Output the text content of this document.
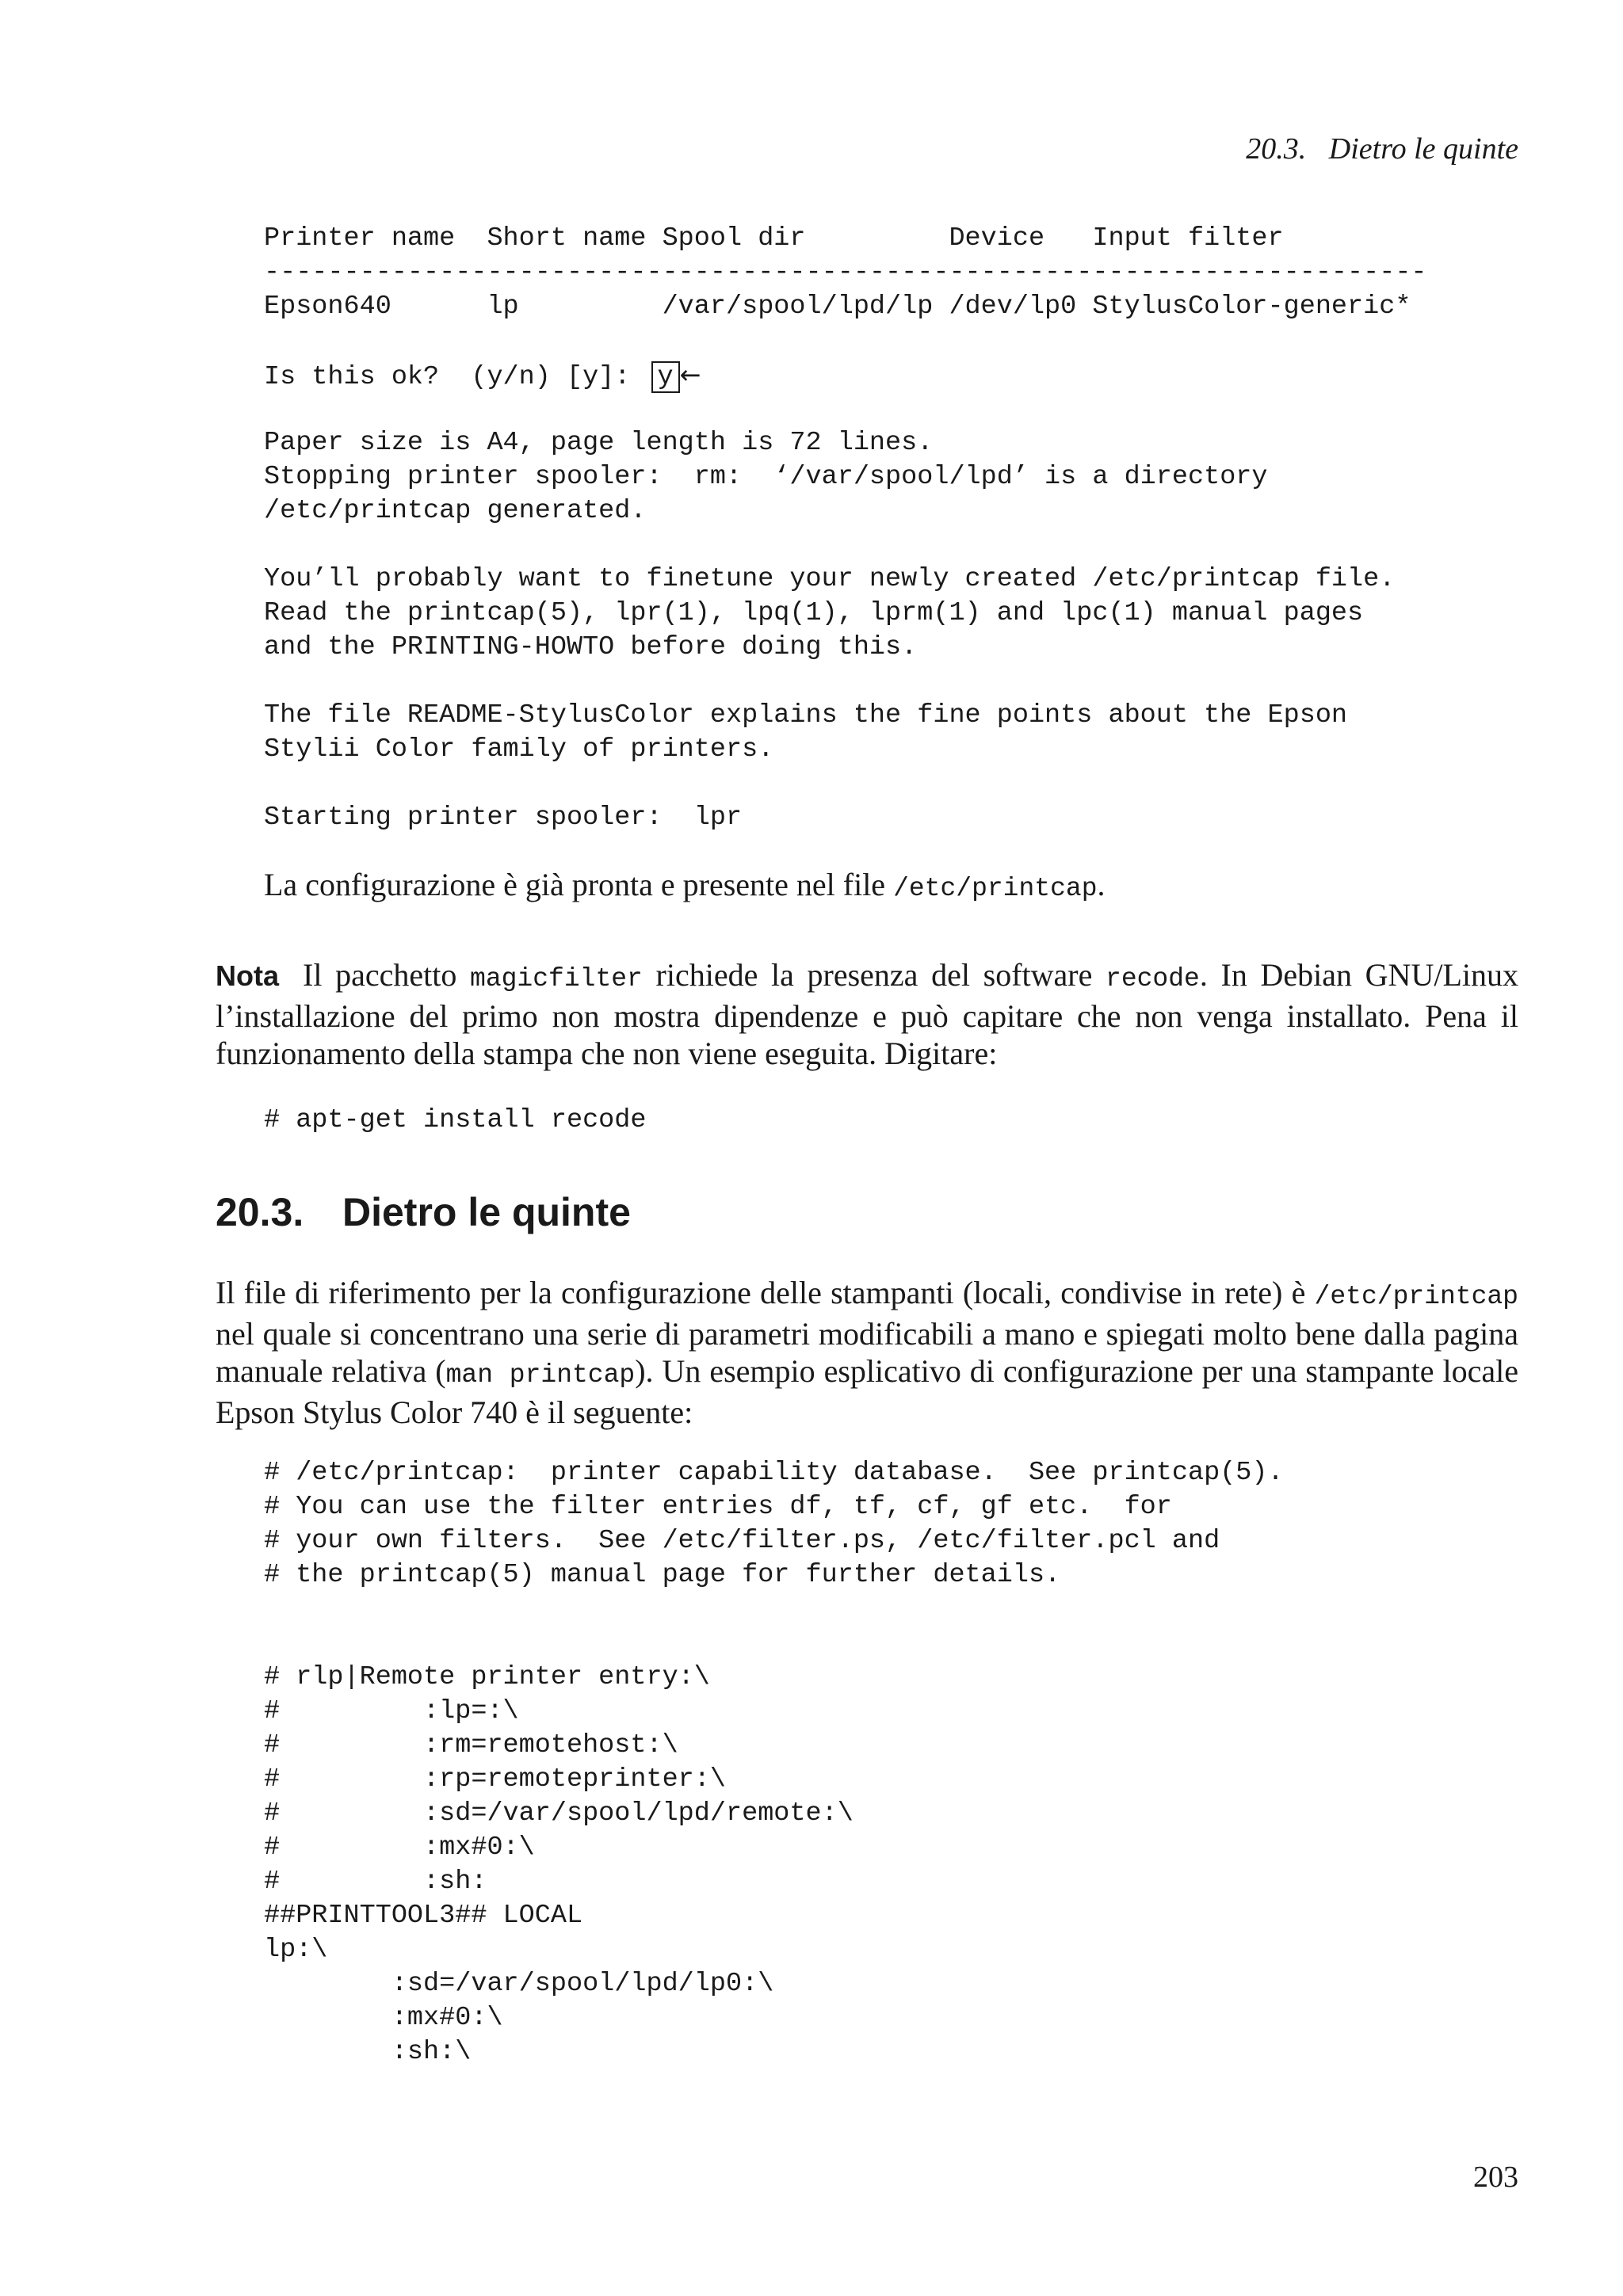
20.3.   Dietro le quinte
Printer name  Short name Spool dir         Device   Input filter
-------------------------------------------------------------------------
Epson640      lp         /var/spool/lpd/lp /dev/lp0 StylusColor-generic*
Is this ok?  (y/n) [y]: y ←
Paper size is A4, page length is 72 lines.
Stopping printer spooler:  rm:  ‘/var/spool/lpd’ is a directory
/etc/printcap generated.
You’ll probably want to finetune your newly created /etc/printcap file.
Read the printcap(5), lpr(1), lpq(1), lprm(1) and lpc(1) manual pages
and the PRINTING-HOWTO before doing this.
The file README-StylusColor explains the fine points about the Epson
Stylii Color family of printers.
Starting printer spooler:  lpr

La configurazione è già pronta e presente nel file /etc/printcap.

Nota Il pacchetto magicfilter richiede la presenza del software recode. In Debian GNU/Linux l’installazione del primo non mostra dipendenze e può capitare che non venga installato. Pena il funzionamento della stampa che non viene eseguita. Digitare:

# apt-get install recode
20.3. Dietro le quinte

Il file di riferimento per la configurazione delle stampanti (locali, condivise in rete) è /etc/printcap nel quale si concentrano una serie di parametri modificabili a mano e spiegati molto bene dalla pagina manuale relativa (man printcap). Un esempio esplicativo di configurazione per una stampante locale Epson Stylus Color 740 è il seguente:

# /etc/printcap:  printer capability database.  See printcap(5).
# You can use the filter entries df, tf, cf, gf etc.  for
# your own filters.  See /etc/filter.ps, /etc/filter.pcl and
# the printcap(5) manual page for further details.
# rlp|Remote printer entry:\
#         :lp=:\
#         :rm=remotehost:\
#         :rp=remoteprinter:\
#         :sd=/var/spool/lpd/remote:\
#         :mx#0:\
#         :sh:
##PRINTTOOL3## LOCAL
lp:\
:sd=/var/spool/lpd/lp0:\
:mx#0:\
:sh:\
203
